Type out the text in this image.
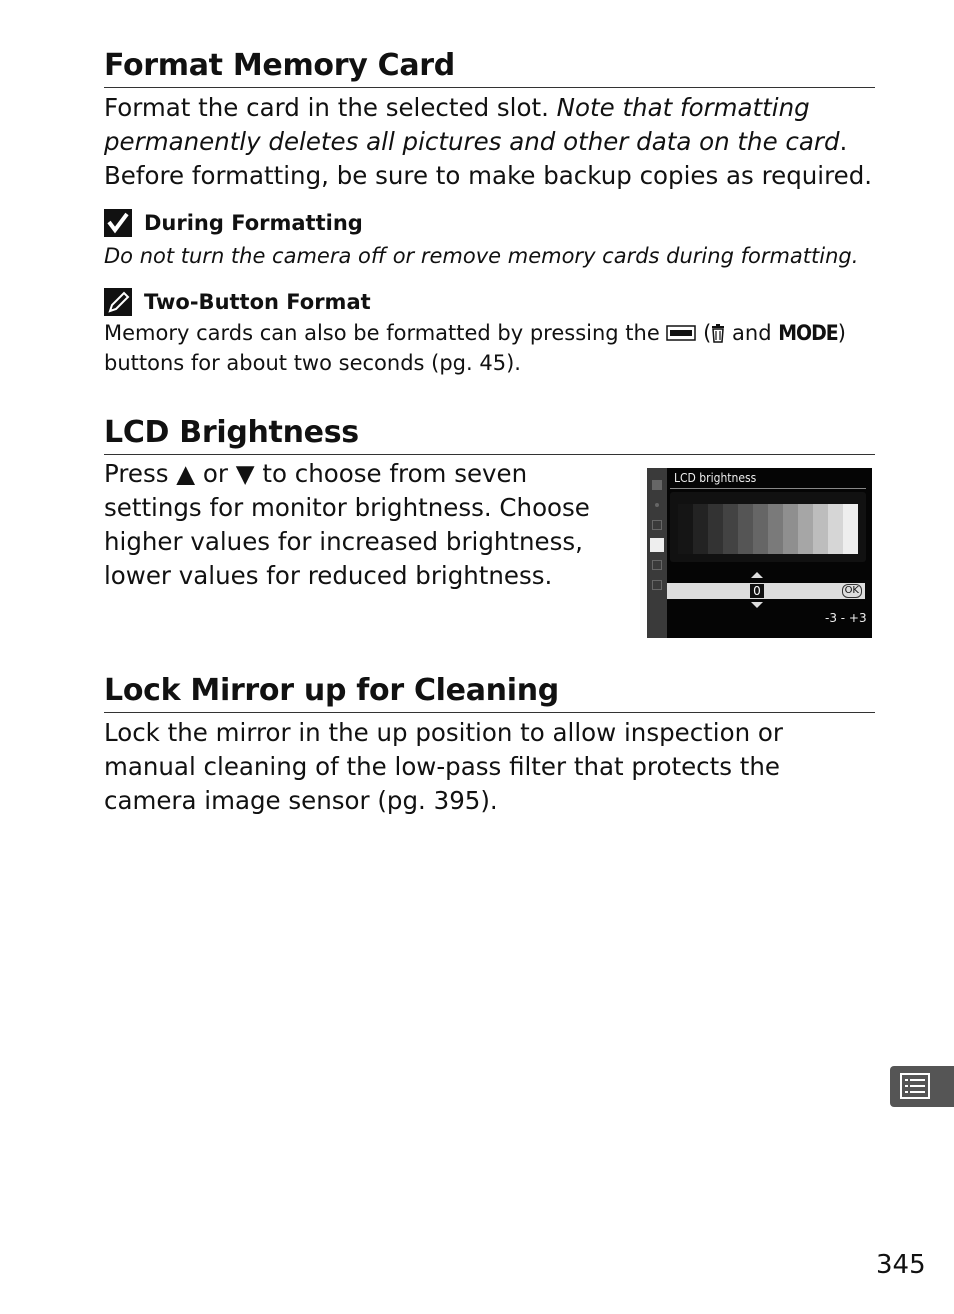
Format Memory Card
Format the card in the selected slot. Note that formatting permanently deletes all pictures and other data on the card. Before formatting, be sure to make backup copies as required.
During Formatting
Do not turn the camera off or remove memory cards during formatting.
Two-Button Format
Memory cards can also be formatted by pressing the ( and MODE)
buttons for about two seconds (pg. 45).
LCD Brightness
Press ▲ or ▼ to choose from seven settings for monitor brightness. Choose higher values for increased brightness, lower values for reduced brightness.
LCD brightness
0	OK
-3 - +3
Lock Mirror up for Cleaning
Lock the mirror in the up position to allow inspection or manual cleaning of the low-pass filter that protects the camera image sensor (pg. 395).
345
